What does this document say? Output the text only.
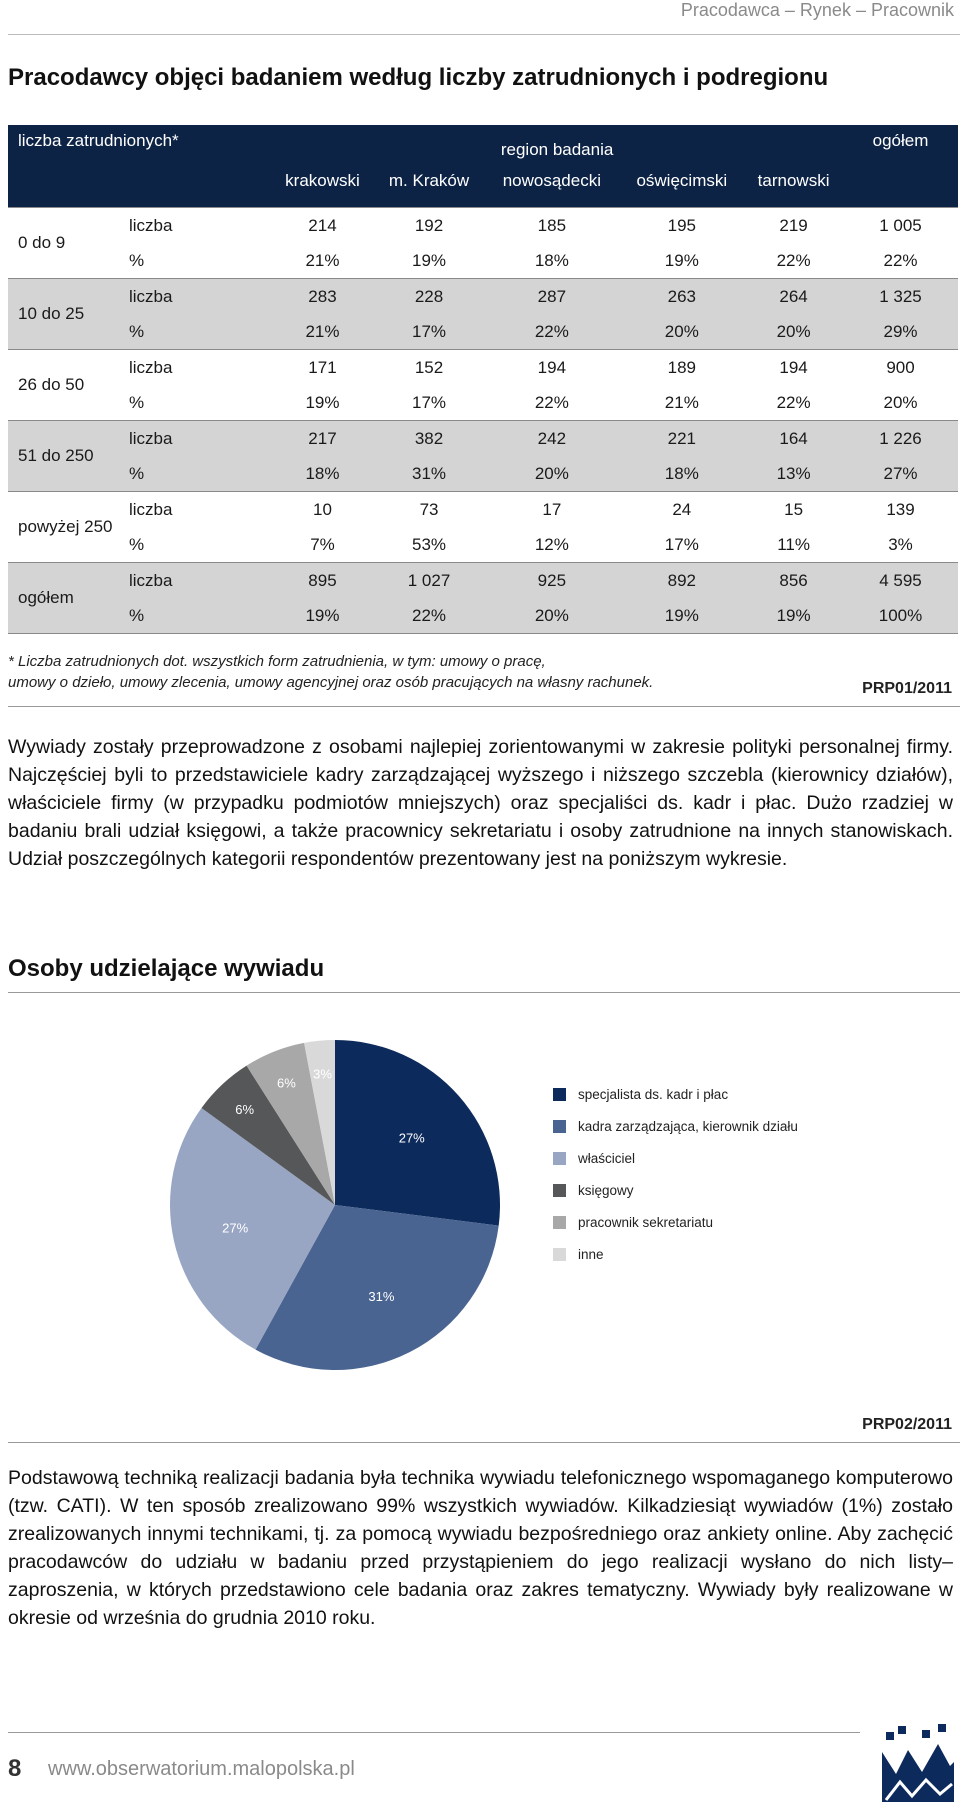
Pracodawca – Rynek – Pracownik
Pracodawcy objęci badaniem według liczby zatrudnionych i podregionu
liczba zatrudnionych*		region badania					ogółem
		krakowski	m. Kraków	nowosądecki	oświęcimski	tarnowski	
0 do 9	liczba	214	192	185	195	219	1 005
	%	21%	19%	18%	19%	22%	22%
10 do 25	liczba	283	228	287	263	264	1 325
	%	21%	17%	22%	20%	20%	29%
26 do 50	liczba	171	152	194	189	194	900
	%	19%	17%	22%	21%	22%	20%
51 do 250	liczba	217	382	242	221	164	1 226
	%	18%	31%	20%	18%	13%	27%
powyżej 250	liczba	10	73	17	24	15	139
	%	7%	53%	12%	17%	11%	3%
ogółem	liczba	895	1 027	925	892	856	4 595
	%	19%	22%	20%	19%	19%	100%
* Liczba zatrudnionych dot. wszystkich form zatrudnienia, w tym: umowy o pracę,
umowy o dzieło, umowy zlecenia, umowy agencyjnej oraz osób pracujących na własny rachunek.	PRP01/2011

Wywiady zostały przeprowadzone z osobami najlepiej zorientowanymi w zakresie polityki personalnej firmy. Najczęściej byli to przedstawiciele kadry zarządzającej wyższego i niższego szczebla (kierownicy działów), właściciele firmy (w przypadku podmiotów mniejszych) oraz specjaliści ds. kadr i płac. Dużo rzadziej w badaniu brali udział księgowi, a także pracownicy sekretariatu i osoby zatrudnione na innych stanowiskach. Udział poszczególnych kategorii respondentów prezentowany jest na poniższym wykresie.

Osoby udzielające wywiadu
27%
31%
27%
6%
6%
3%
specjalista ds. kadr i płac
kadra zarządzająca, kierownik działu
właściciel
księgowy
pracownik sekretariatu
inne
PRP02/2011

Podstawową techniką realizacji badania była technika wywiadu telefonicznego wspomaganego komputerowo (tzw. CATI). W ten sposób zrealizowano 99% wszystkich wywiadów. Kilkadziesiąt wywiadów (1%) zostało zrealizowanych innymi technikami, tj. za pomocą wywiadu bezpośredniego oraz ankiety online. Aby zachęcić pracodawców do udziału w badaniu przed przystąpieniem do jego realizacji wysłano do nich listy–zaproszenia, w których przedstawiono cele badania oraz zakres tematyczny. Wywiady były realizowane w okresie od września do grudnia 2010 roku.

8 www.obserwatorium.malopolska.pl
